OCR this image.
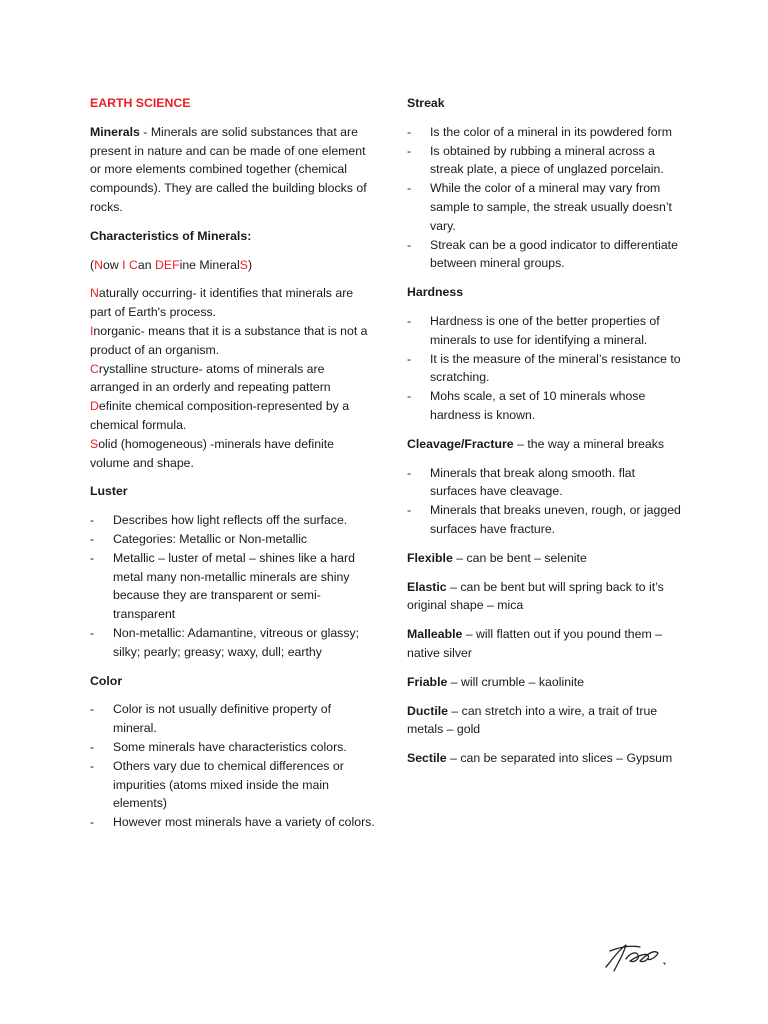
EARTH SCIENCE

Minerals - Minerals are solid substances that are present in nature and can be made of one element or more elements combined together (chemical compounds). They are called the building blocks of rocks.

Characteristics of Minerals:

(Now I Can DEFine MineralS)

Naturally occurring- it identifies that minerals are part of Earth's process.
Inorganic- means that it is a substance that is not a product of an organism.
Crystalline structure- atoms of minerals are arranged in an orderly and repeating pattern
Definite chemical composition-represented by a chemical formula.
Solid (homogeneous) -minerals have definite volume and shape.
Luster
- Describes how light reflects off the surface.
- Categories: Metallic or Non-metallic
- Metallic – luster of metal – shines like a hard metal many non-metallic minerals are shiny because they are transparent or semi-transparent
- Non-metallic: Adamantine, vitreous or glassy; silky; pearly; greasy; waxy, dull; earthy
Color
- Color is not usually definitive property of mineral.
- Some minerals have characteristics colors.
- Others vary due to chemical differences or impurities (atoms mixed inside the main elements)
- However most minerals have a variety of colors.
Streak
- Is the color of a mineral in its powdered form
- Is obtained by rubbing a mineral across a streak plate, a piece of unglazed porcelain.
- While the color of a mineral may vary from sample to sample, the streak usually doesn’t vary.
- Streak can be a good indicator to differentiate between mineral groups.
Hardness
- Hardness is one of the better properties of minerals to use for identifying a mineral.
- It is the measure of the mineral’s resistance to scratching.
- Mohs scale, a set of 10 minerals whose hardness is known.

Cleavage/Fracture – the way a mineral breaks

- Minerals that break along smooth. flat surfaces have cleavage.
- Minerals that breaks uneven, rough, or jagged surfaces have fracture.

Flexible – can be bent – selenite

Elastic – can be bent but will spring back to it’s original shape – mica

Malleable – will flatten out if you pound them – native silver

Friable – will crumble – kaolinite

Ductile – can stretch into a wire, a trait of true metals – gold

Sectile – can be separated into slices – Gypsum
